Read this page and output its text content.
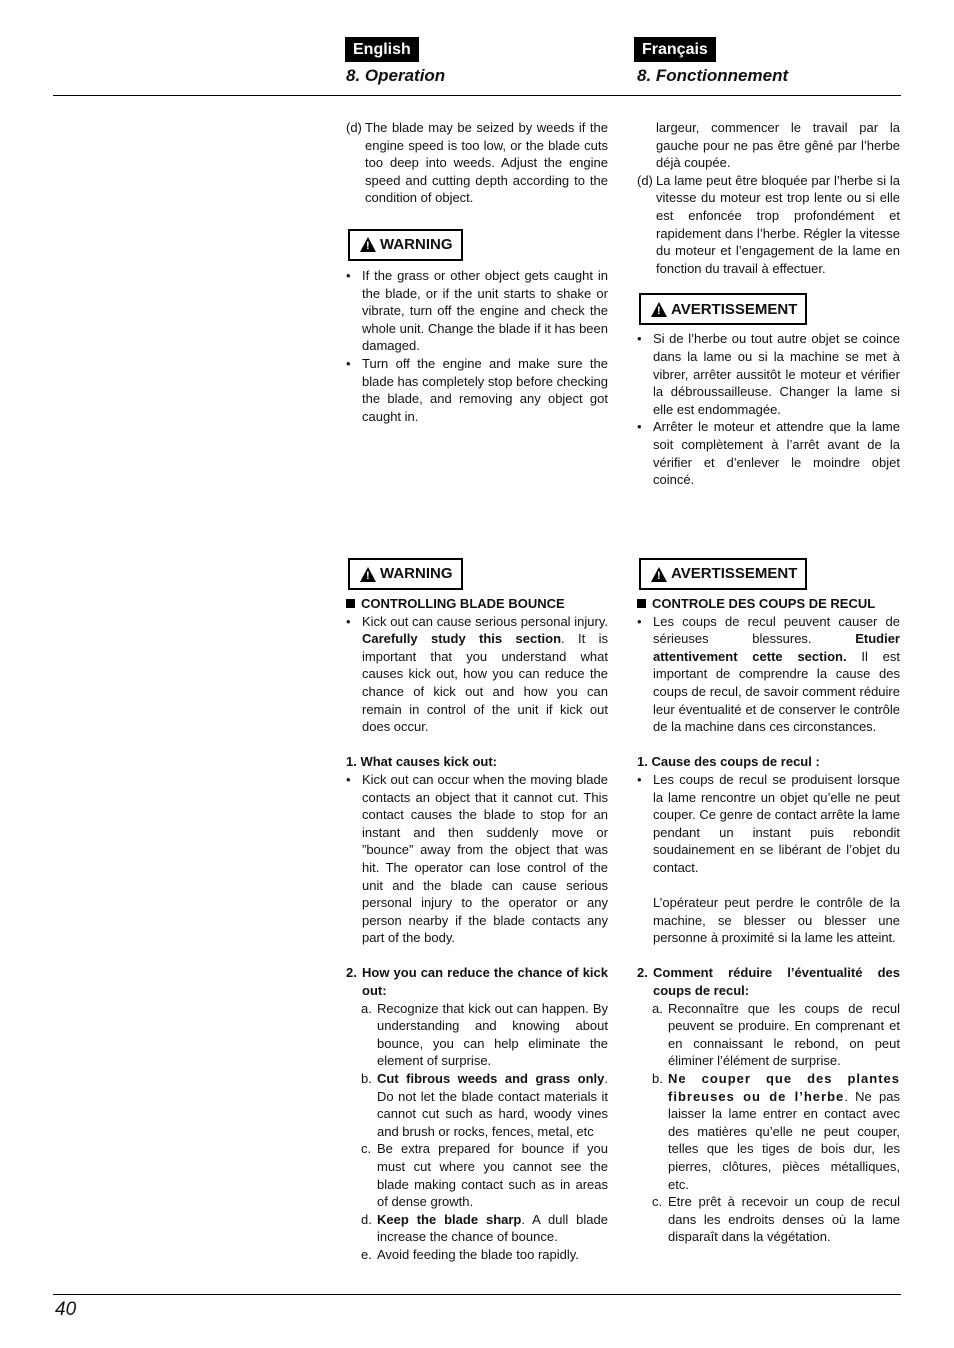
English	Français
8. Operation	8. Fonctionnement
(d) The blade may be seized by weeds if the engine speed is too low, or the blade cuts too deep into weeds. Adjust the engine speed and cutting depth according to the condition of object.
!
WARNING
• If the grass or other object gets caught in the blade, or if the unit starts to shake or vibrate, turn off the engine and check the whole unit. Change the blade if it has been damaged.
• Turn off the engine and make sure the blade has completely stop before checking the blade, and removing any object got caught in.

largeur, commencer le travail par la gauche pour ne pas être gêné par l’herbe déjà coupée.

(d) La lame peut être bloquée par l’herbe si la vitesse du moteur est trop lente ou si elle est enfoncée trop profondément et rapidement dans l’herbe. Régler la vitesse du moteur et l’engagement de la lame en fonction du travail à effectuer.
!
AVERTISSEMENT
• Si de l’herbe ou tout autre objet se coince dans la lame ou si la machine se met à vibrer, arrêter aussitôt le moteur et vérifier la débroussailleuse. Changer la lame si elle est endommagée.
• Arrêter le moteur et attendre que la lame soit complètement à l’arrêt avant de la vérifier et d’enlever le moindre objet coincé.
!
WARNING
CONTROLLING BLADE BOUNCE
• Kick out can cause serious personal injury. Carefully study this section. It is important that you understand what causes kick out, how you can reduce the chance of kick out and how you can remain in control of the unit if kick out does occur.
1. What causes kick out:
• Kick out can occur when the moving blade contacts an object that it cannot cut. This contact causes the blade to stop for an instant and then suddenly move or ”bounce” away from the object that was hit. The operator can lose control of the unit and the blade can cause serious personal injury to the operator or any person nearby if the blade contacts any part of the body.
2. How you can reduce the chance of kick out:
a. Recognize that kick out can happen. By understanding and knowing about bounce, you can help eliminate the element of surprise.
b. Cut fibrous weeds and grass only. Do not let the blade contact materials it cannot cut such as hard, woody vines and brush or rocks, fences, metal, etc
c. Be extra prepared for bounce if you must cut where you cannot see the blade making contact such as in areas of dense growth.
d. Keep the blade sharp. A dull blade increase the chance of bounce.
e. Avoid feeding the blade too rapidly.
!
AVERTISSEMENT
CONTROLE DES COUPS DE RECUL
• Les coups de recul peuvent causer de sérieuses blessures. Etudier attentivement cette section. Il est important de comprendre la cause des coups de recul, de savoir comment réduire leur éventualité et de conserver le contrôle de la machine dans ces circonstances.
1. Cause des coups de recul :
• Les coups de recul se produisent lorsque la lame rencontre un objet qu’elle ne peut couper. Ce genre de contact arrête la lame pendant un instant puis rebondit soudainement en se libérant de l’objet du contact.

L’opérateur peut perdre le contrôle de la machine, se blesser ou blesser une personne à proximité si la lame les atteint.

2. Comment réduire l’éventualité des coups de recul:
a. Reconnaître que les coups de recul peuvent se produire. En comprenant et en connaissant le rebond, on peut éliminer l’élément de surprise.
b. Ne couper que des plantes fibreuses ou de l’herbe. Ne pas laisser la lame entrer en contact avec des matières qu’elle ne peut couper, telles que les tiges de bois dur, les pierres, clôtures, pièces métalliques, etc.
c. Etre prêt à recevoir un coup de recul dans les endroits denses où la lame disparaît dans la végétation.
40
